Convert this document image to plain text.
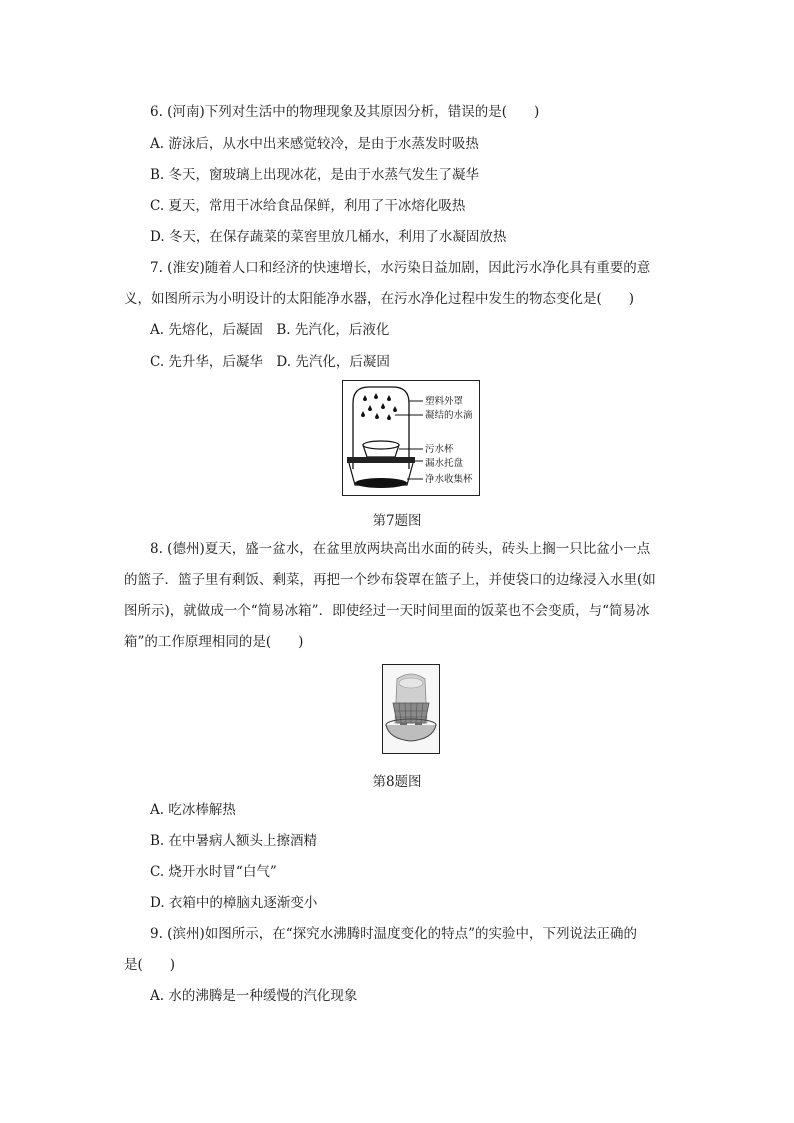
6. (河南)下列对生活中的物理现象及其原因分析，错误的是(　　)
A. 游泳后，从水中出来感觉较冷，是由于水蒸发时吸热
B. 冬天，窗玻璃上出现冰花，是由于水蒸气发生了凝华
C. 夏天，常用干冰给食品保鲜，利用了干冰熔化吸热
D. 冬天，在保存蔬菜的菜窖里放几桶水，利用了水凝固放热
7. (淮安)随着人口和经济的快速增长，水污染日益加剧，因此污水净化具有重要的意
义，如图所示为小明设计的太阳能净水器，在污水净化过程中发生的物态变化是(　　)
A. 先熔化，后凝固　B. 先汽化，后液化
C. 先升华，后凝华　D. 先汽化，后凝固
塑料外罩
凝结的水滴
污水杯
漏水托盘
净水收集杯
第7题图
8. (德州)夏天，盛一盆水，在盆里放两块高出水面的砖头，砖头上搁一只比盆小一点
的篮子．篮子里有剩饭、剩菜，再把一个纱布袋罩在篮子上，并使袋口的边缘浸入水里(如
图所示)，就做成一个“简易冰箱”．即使经过一天时间里面的饭菜也不会变质，与“简易冰
箱”的工作原理相同的是(　　)
第8题图
A. 吃冰棒解热
B. 在中暑病人额头上擦酒精
C. 烧开水时冒“白气”
D. 衣箱中的樟脑丸逐渐变小
9. (滨州)如图所示，在“探究水沸腾时温度变化的特点”的实验中，下列说法正确的
是(　　)
A. 水的沸腾是一种缓慢的汽化现象
